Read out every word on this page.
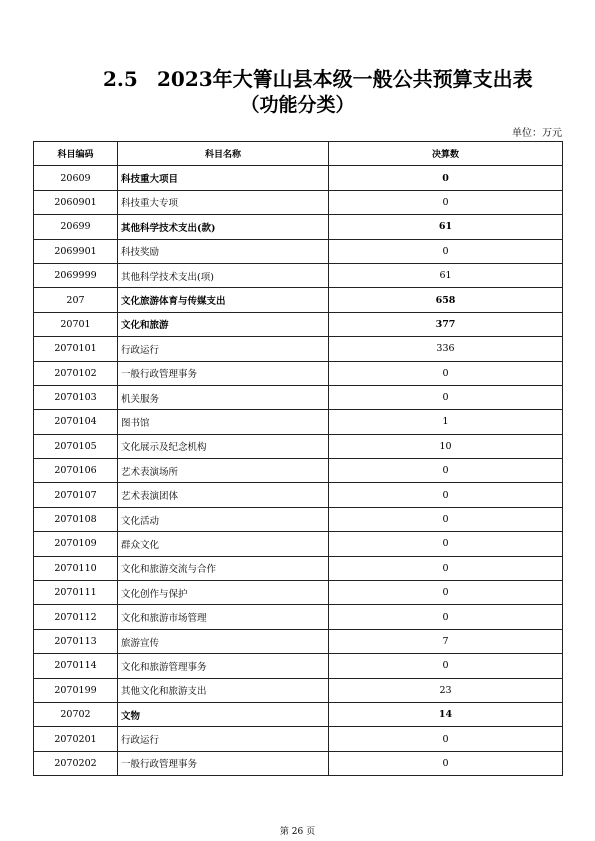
2.5 2023年大箐山县本级一般公共预算支出表
（功能分类）
单位：万元
科目编码	科目名称	决算数
20609	科技重大项目	0
2060901	科技重大专项	0
20699	其他科学技术支出(款)	61
2069901	科技奖励	0
2069999	其他科学技术支出(项)	61
207	文化旅游体育与传媒支出	658
20701	文化和旅游	377
2070101	行政运行	336
2070102	一般行政管理事务	0
2070103	机关服务	0
2070104	图书馆	1
2070105	文化展示及纪念机构	10
2070106	艺术表演场所	0
2070107	艺术表演团体	0
2070108	文化活动	0
2070109	群众文化	0
2070110	文化和旅游交流与合作	0
2070111	文化创作与保护	0
2070112	文化和旅游市场管理	0
2070113	旅游宣传	7
2070114	文化和旅游管理事务	0
2070199	其他文化和旅游支出	23
20702	文物	14
2070201	行政运行	0
2070202	一般行政管理事务	0
第 26 页
